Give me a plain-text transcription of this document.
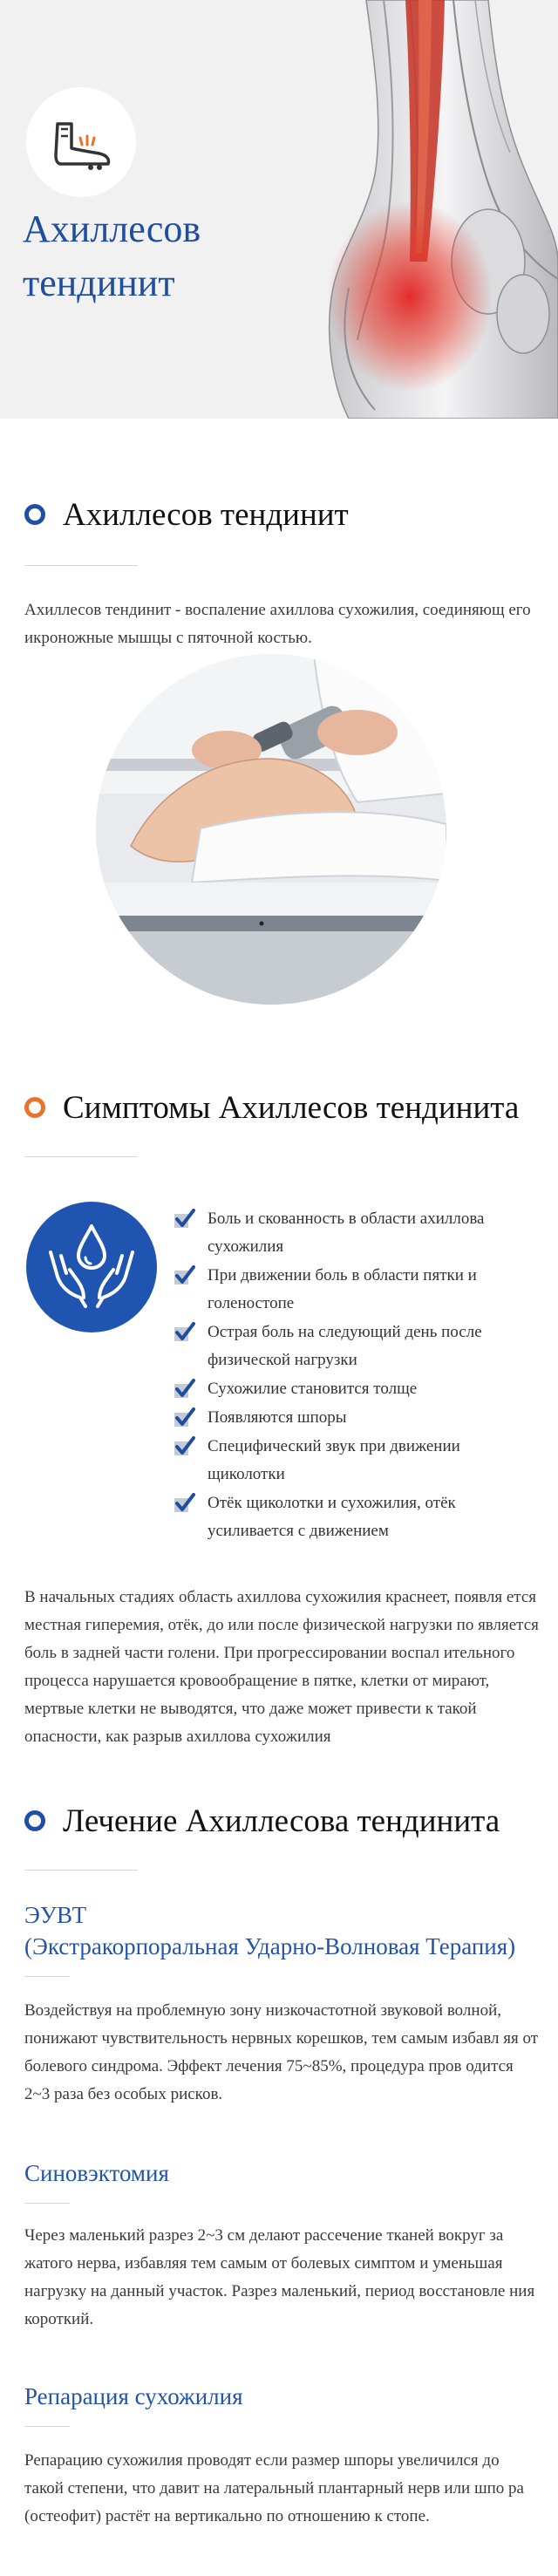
Ахиллесов
тендинит
Ахиллесов тендинит

Ахиллесов тендинит - воспаление ахиллова сухожилия, соединяющ его икроножные мышцы с пяточной костью.

Симптомы Ахиллесов тендинита
Боль и скованность в области ахиллова сухожилия
При движении боль в области пятки и голеностопе
Острая боль на следующий день после физической нагрузки
Сухожилие становится толще
Появляются шпоры
Специфический звук при движении щиколотки
Отёк щиколотки и сухожилия, отёк усиливается с движением

В начальных стадиях область ахиллова сухожилия краснеет, появля ется местная гиперемия, отёк, до или после физической нагрузки по является боль в задней части голени. При прогрессировании воспал ительного процесса нарушается кровообращение в пятке, клетки от мирают, мертвые клетки не выводятся, что даже может привести к такой опасности, как разрыв ахиллова сухожилия

Лечение Ахиллесова тендинита
ЭУВТ
(Экстракорпоральная Ударно-Волновая Терапия)

Воздействуя на проблемную зону низкочастотной звуковой волной, понижают чувствительность нервных корешков, тем самым избавл яя от болевого синдрома. Эффект лечения 75~85%, процедура пров одится 2~3 раза без особых рисков.

Синовэктомия

Через маленький разрез 2~3 см делают рассечение тканей вокруг за жатого нерва, избавляя тем самым от болевых симптом и уменьшая нагрузку на данный участок. Разрез маленький, период восстановле ния короткий.

Репарация сухожилия

Репарацию сухожилия проводят если размер шпоры увеличился до такой степени, что давит на латеральный плантарный нерв или шпо ра (остеофит) растёт на вертикально по отношению к стопе.
